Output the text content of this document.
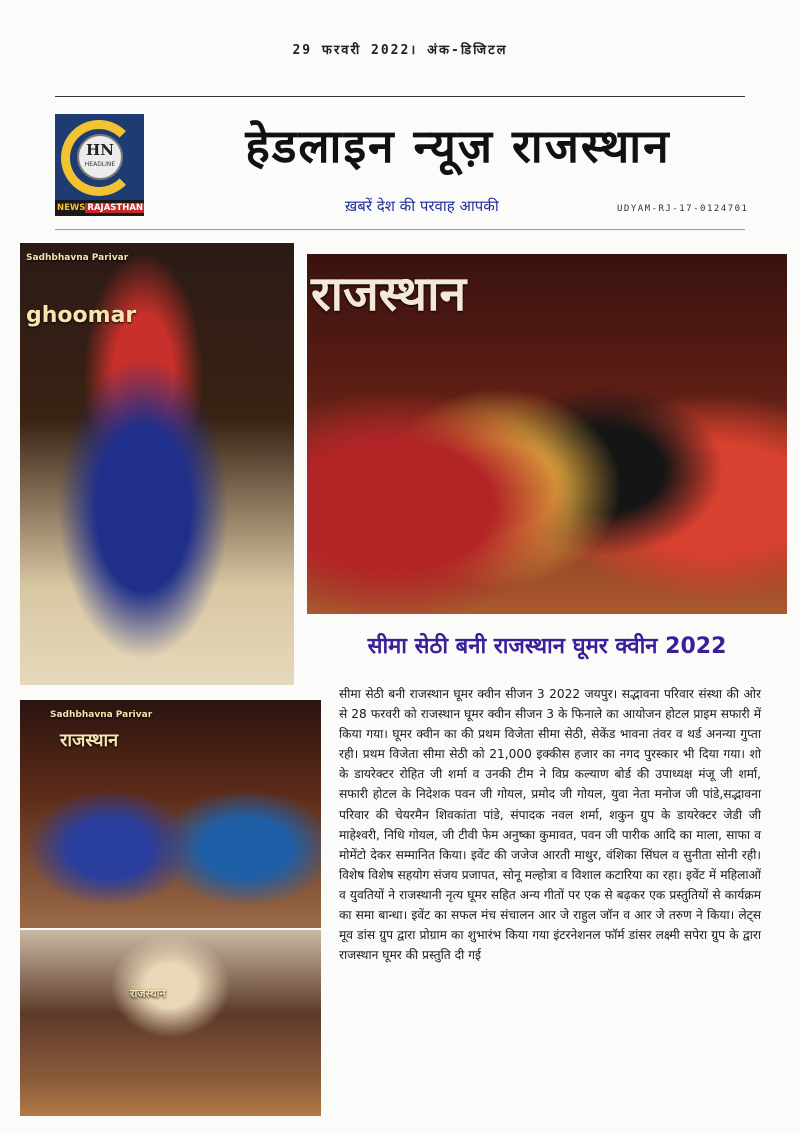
29 फरवरी 2022। अंक-डिजिटल
HN
HEADLINE
NEWS RAJASTHAN
हेडलाइन न्यूज़ राजस्थान
ख़बरें देश की परवाह आपकी	UDYAM-RJ-17-0124701
Sadhbhavna Parivar
ghoomar	राजस्थान
सीमा सेठी बनी राजस्थान घूमर क्वीन 2022
Sadhbhavna Parivar
राजस्थान
राजस्थान
सीमा सेठी बनी राजस्थान घूमर क्वीन सीजन 3 2022 जयपुर। सद्भावना परिवार संस्था की ओर से 28 फरवरी को राजस्थान घूमर क्वीन सीजन 3 के फिनाले का आयोजन होटल प्राइम सफारी में किया गया। घूमर क्वीन का की प्रथम विजेता सीमा सेठी, सेकेंड भावना तंवर व थर्ड अनन्या गुप्ता रही। प्रथम विजेता सीमा सेठी को 21,000 इक्कीस हजार का नगद पुरस्कार भी दिया गया। शो के डायरेक्टर रोहित जी शर्मा व उनकी टीम ने विप्र कल्याण बोर्ड की उपाध्यक्ष मंजू जी शर्मा, सफारी होटल के निदेशक पवन जी गोयल, प्रमोद जी गोयल, युवा नेता मनोज जी पांडे,सद्भावना परिवार की चेयरमैन शिवकांता पांडे, संपादक नवल शर्मा, शकुन ग्रुप के डायरेक्टर जेडी जी माहेश्वरी, निधि गोयल, जी टीवी फेम अनुष्का कुमावत, पवन जी पारीक आदि का माला, साफा व मोमेंटो देकर सम्मानित किया। इवेंट की जजेज आरती माथुर, वंशिका सिंघल व सुनीता सोनी रही। विशेष विशेष सहयोग संजय प्रजापत, सोनू मल्होत्रा व विशाल कटारिया का रहा। इवेंट में महिलाओं व युवतियों ने राजस्थानी नृत्य घूमर सहित अन्य गीतों पर एक से बढ़कर एक प्रस्तुतियों से कार्यक्रम का समा बान्धा। इवेंट का सफल मंच संचालन आर जे राहुल जॉन व आर जे तरुण ने किया। लेट्स मूव डांस ग्रुप द्वारा प्रोग्राम का शुभारंभ किया गया इंटरनेशनल फॉर्म डांसर लक्ष्मी सपेरा ग्रुप के द्वारा राजस्थान घूमर की प्रस्तुति दी गई
